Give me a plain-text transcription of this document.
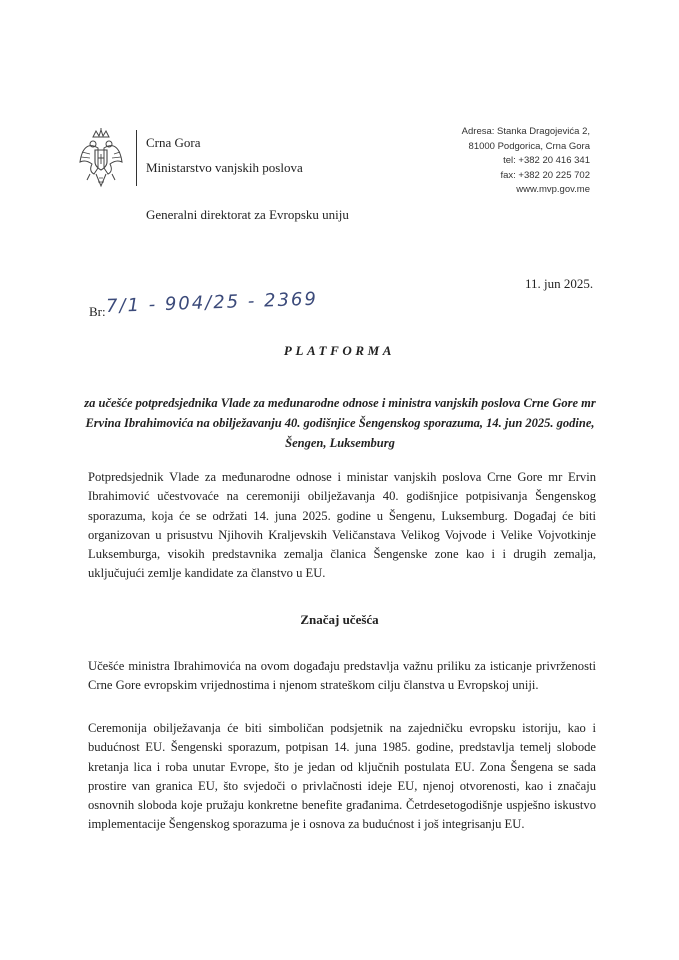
Crna Gora
Ministarstvo vanjskih poslova
Adresa: Stanka Dragojevića 2,
81000 Podgorica, Crna Gora
tel: +382 20 416 341
fax: +382 20 225 702
www.mvp.gov.me
Generalni direktorat za Evropsku uniju
11. jun 2025.
Br: 7/1 - 904/25 - 2369
PLATFORMA
za učešće potpredsjednika Vlade za međunarodne odnose i ministra vanjskih poslova Crne Gore mr Ervina Ibrahimovića na obilježavanju 40. godišnjice Šengenskog sporazuma, 14. jun 2025. godine, Šengen, Luksemburg
Potpredsjednik Vlade za međunarodne odnose i ministar vanjskih poslova Crne Gore mr Ervin Ibrahimović učestvovaće na ceremoniji obilježavanja 40. godišnjice potpisivanja Šengenskog sporazuma, koja će se održati 14. juna 2025. godine u Šengenu, Luksemburg. Događaj će biti organizovan u prisustvu Njihovih Kraljevskih Veličanstava Velikog Vojvode i Velike Vojvotkinje Luksemburga, visokih predstavnika zemalja članica Šengenske zone kao i i drugih zemalja, uključujući zemlje kandidate za članstvo u EU.
Značaj učešća
Učešće ministra Ibrahimovića na ovom događaju predstavlja važnu priliku za isticanje privrženosti Crne Gore evropskim vrijednostima i njenom strateškom cilju članstva u Evropskoj uniji.
Ceremonija obilježavanja će biti simboličan podsjetnik na zajedničku evropsku istoriju, kao i budućnost EU. Šengenski sporazum, potpisan 14. juna 1985. godine, predstavlja temelj slobode kretanja lica i roba unutar Evrope, što je jedan od ključnih postulata EU. Zona Šengena se sada prostire van granica EU, što svjedoči o privlačnosti ideje EU, njenoj otvorenosti, kao i značaju osnovnih sloboda koje pružaju konkretne benefite građanima. Četrdesetogodišnje uspješno iskustvo implementacije Šengenskog sporazuma je i osnova za budućnost i još integrisanju EU.
